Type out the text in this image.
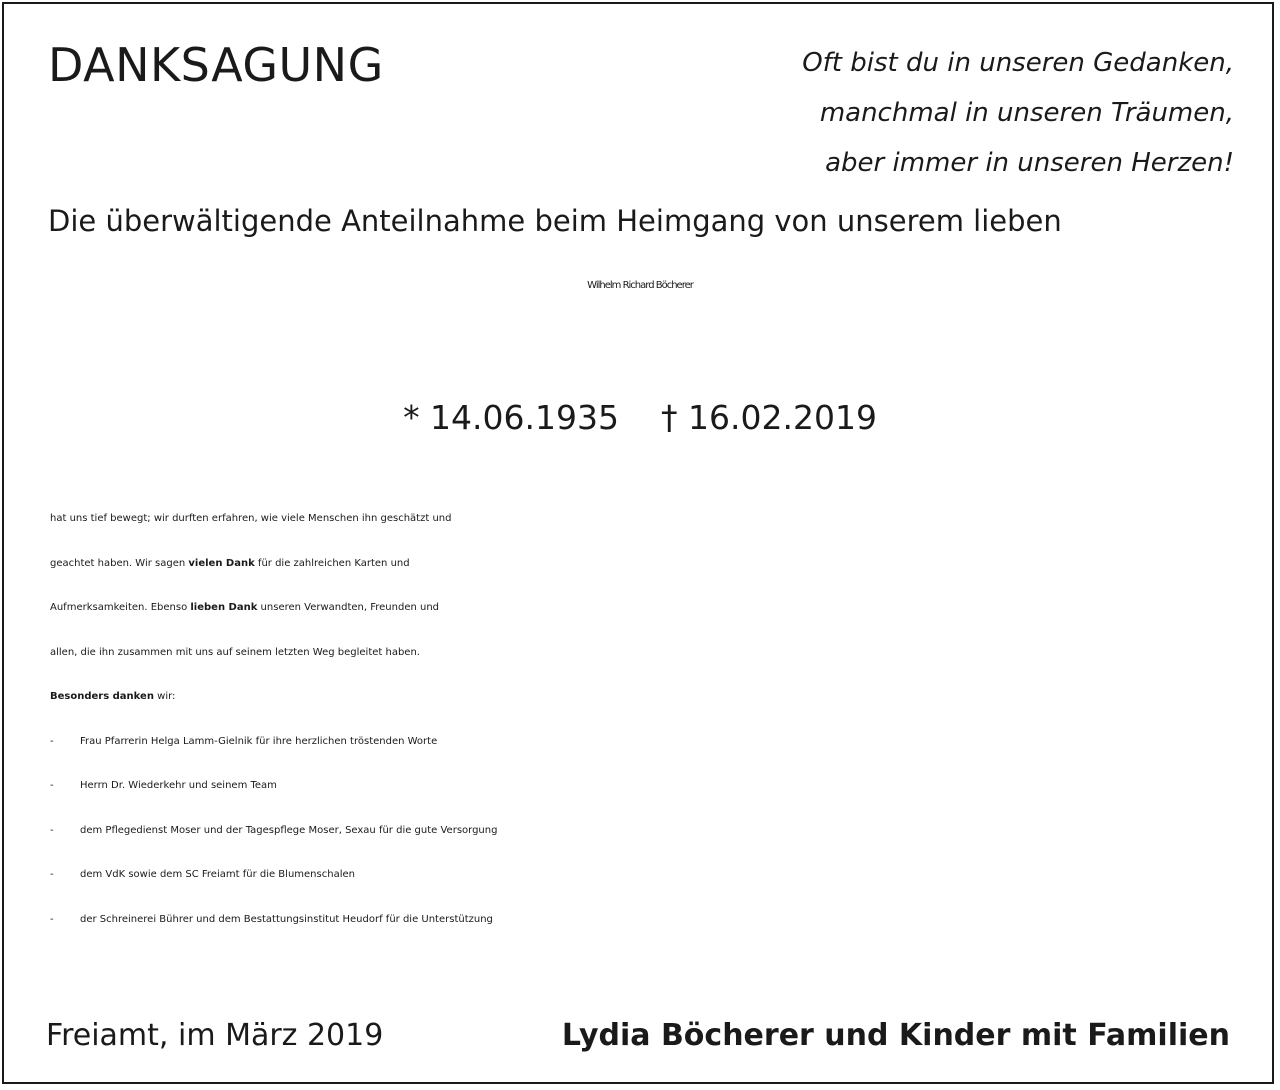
DANKSAGUNG	Oft bist du in unseren Gedanken,
manchmal in unseren Träumen,
aber immer in unseren Herzen!
Die überwältigende Anteilnahme beim Heimgang von unserem lieben
Wilhelm Richard Böcherer
* 14.06.1935 † 16.02.2019
hat uns tief bewegt; wir durften erfahren, wie viele Menschen ihn geschätzt und
geachtet haben. Wir sagen vielen Dank für die zahlreichen Karten und
Aufmerksamkeiten. Ebenso lieben Dank unseren Verwandten, Freunden und
allen, die ihn zusammen mit uns auf seinem letzten Weg begleitet haben.
Besonders danken wir:
-	Frau Pfarrerin Helga Lamm-Gielnik für ihre herzlichen tröstenden Worte
-	Herrn Dr. Wiederkehr und seinem Team
-	dem Pflegedienst Moser und der Tagespflege Moser, Sexau für die gute Versorgung
-	dem VdK sowie dem SC Freiamt für die Blumenschalen
-	der Schreinerei Bührer und dem Bestattungsinstitut Heudorf für die Unterstützung
Freiamt, im März 2019	Lydia Böcherer und Kinder mit Familien
